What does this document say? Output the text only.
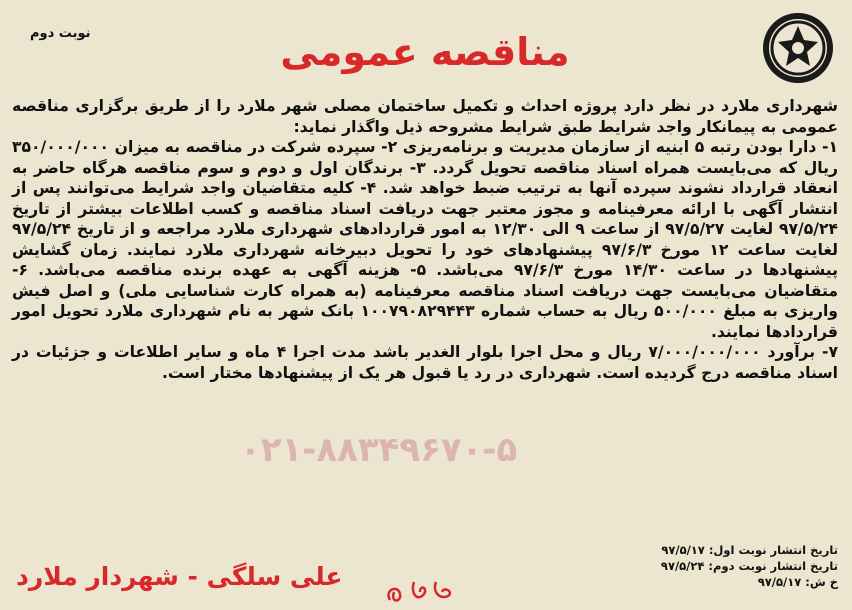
نوبت دوم	مناقصه عمومی

شهرداری ملارد در نظر دارد پروژه احداث و تکمیل ساختمان مصلی شهر ملارد را از طریق برگزاری مناقصه عمومی به پیمانکار واجد شرایط طبق شرایط مشروحه ذیل واگذار نماید:

۱- دارا بودن رتبه ۵ ابنیه از سازمان مدیریت و برنامه‌ریزی ۲- سپرده شرکت در مناقصه به میزان ۳۵۰/۰۰۰/۰۰۰ ریال که می‌بایست همراه اسناد مناقصه تحویل گردد. ۳- برندگان اول و دوم و سوم مناقصه هرگاه حاضر به انعقاد قرارداد نشوند سپرده آنها به ترتیب ضبط خواهد شد. ۴- کلیه متقاضیان واجد شرایط می‌توانند پس از انتشار آگهی با ارائه معرفینامه و مجوز معتبر جهت دریافت اسناد مناقصه و کسب اطلاعات بیشتر از تاریخ ۹۷/۵/۲۴ لغایت ۹۷/۵/۲۷ از ساعت ۹ الی ۱۲/۳۰ به امور قراردادهای شهرداری ملارد مراجعه و از تاریخ ۹۷/۵/۲۴ لغایت ساعت ۱۲ مورخ ۹۷/۶/۳ پیشنهادهای خود را تحویل دبیرخانه شهرداری ملارد نمایند. زمان گشایش پیشنهادها در ساعت ۱۴/۳۰ مورخ ۹۷/۶/۳ می‌باشد. ۵- هزینه آگهی به عهده برنده مناقصه می‌باشد. ۶- متقاضیان می‌بایست جهت دریافت اسناد مناقصه معرفینامه (به همراه کارت شناسایی ملی) و اصل فیش واریزی به مبلغ ۵۰۰/۰۰۰ ریال به حساب شماره ۱۰۰۷۹۰۸۲۹۴۴۳ بانک شهر به نام شهرداری ملارد تحویل امور قراردادها نمایند.

۷- برآورد ۷/۰۰۰/۰۰۰/۰۰۰ ریال و محل اجرا بلوار الغدیر باشد مدت اجرا ۴ ماه و سایر اطلاعات و جزئیات در اسناد مناقصه درج گردیده است. شهرداری در رد یا قبول هر یک از پیشنهادها مختار است.

۰۲۱-۸۸۳۴۹۶۷۰-۵
تاریخ انتشار نوبت اول: ۹۷/۵/۱۷
تاریخ انتشار نوبت دوم: ۹۷/۵/۲۴
خ ش: ۹۷/۵/۱۷
علی سلگی - شهردار ملارد
